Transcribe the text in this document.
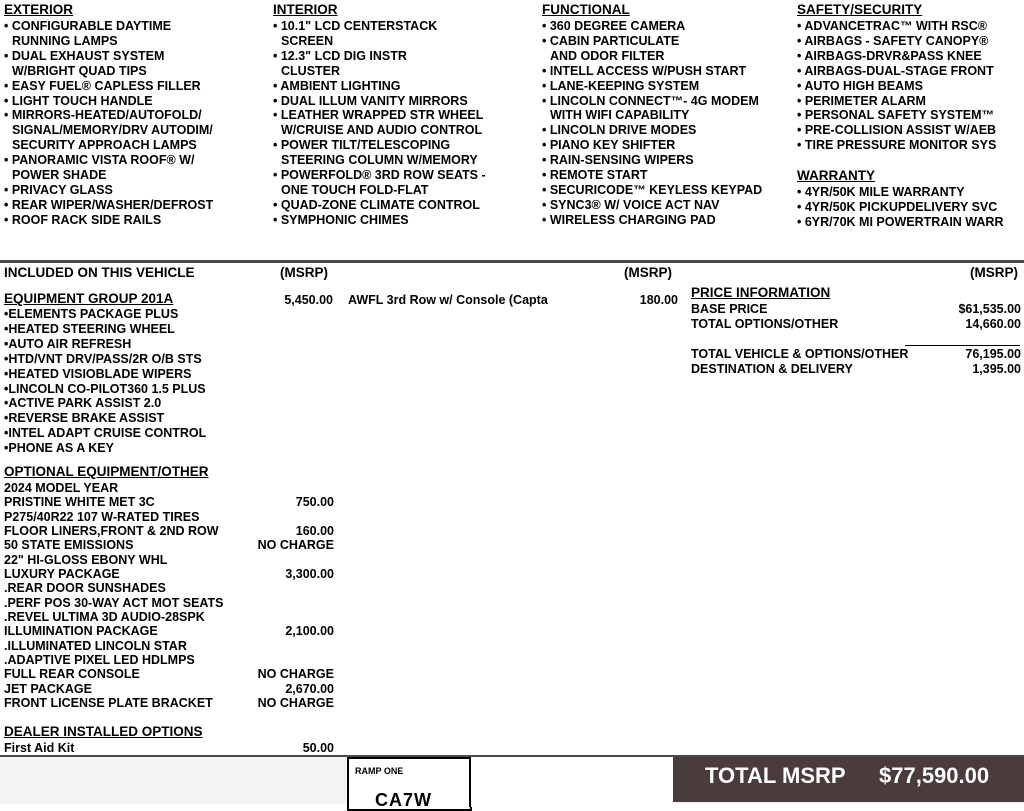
EXTERIOR
• CONFIGURABLE DAYTIME
RUNNING LAMPS
• DUAL EXHAUST SYSTEM
W/BRIGHT QUAD TIPS
• EASY FUEL® CAPLESS FILLER
• LIGHT TOUCH HANDLE
• MIRRORS-HEATED/AUTOFOLD/
SIGNAL/MEMORY/DRV AUTODIM/
SECURITY APPROACH LAMPS
• PANORAMIC VISTA ROOF® W/
POWER SHADE
• PRIVACY GLASS
• REAR WIPER/WASHER/DEFROST
• ROOF RACK SIDE RAILS
INTERIOR
• 10.1" LCD CENTERSTACK
SCREEN
• 12.3" LCD DIG INSTR
CLUSTER
• AMBIENT LIGHTING
• DUAL ILLUM VANITY MIRRORS
• LEATHER WRAPPED STR WHEEL
W/CRUISE AND AUDIO CONTROL
• POWER TILT/TELESCOPING
STEERING COLUMN W/MEMORY
• POWERFOLD® 3RD ROW SEATS -
ONE TOUCH FOLD-FLAT
• QUAD-ZONE CLIMATE CONTROL
• SYMPHONIC CHIMES
FUNCTIONAL
• 360 DEGREE CAMERA
• CABIN PARTICULATE
AND ODOR FILTER
• INTELL ACCESS W/PUSH START
• LANE-KEEPING SYSTEM
• LINCOLN CONNECT™- 4G MODEM
WITH WIFI CAPABILITY
• LINCOLN DRIVE MODES
• PIANO KEY SHIFTER
• RAIN-SENSING WIPERS
• REMOTE START
• SECURICODE™ KEYLESS KEYPAD
• SYNC3® W/ VOICE ACT NAV
• WIRELESS CHARGING PAD
SAFETY/SECURITY
• ADVANCETRAC™ WITH RSC®
• AIRBAGS - SAFETY CANOPY®
• AIRBAGS-DRVR&PASS KNEE
• AIRBAGS-DUAL-STAGE FRONT
• AUTO HIGH BEAMS
• PERIMETER ALARM
• PERSONAL SAFETY SYSTEM™
• PRE-COLLISION ASSIST W/AEB
• TIRE PRESSURE MONITOR SYS
WARRANTY
• 4YR/50K MILE WARRANTY
• 4YR/50K PICKUPDELIVERY SVC
• 6YR/70K MI POWERTRAIN WARR
INCLUDED ON THIS VEHICLE	(MSRP)	(MSRP)	(MSRP)
EQUIPMENT GROUP 201A	5,450.00
•ELEMENTS PACKAGE PLUS
•HEATED STEERING WHEEL
•AUTO AIR REFRESH
•HTD/VNT DRV/PASS/2R O/B STS
•HEATED VISIOBLADE WIPERS
•LINCOLN CO-PILOT360 1.5 PLUS
•ACTIVE PARK ASSIST 2.0
•REVERSE BRAKE ASSIST
•INTEL ADAPT CRUISE CONTROL
•PHONE AS A KEY
AWFL 3rd Row w/ Console (Capta	180.00
OPTIONAL EQUIPMENT/OTHER
2024 MODEL YEAR
PRISTINE WHITE MET 3C	750.00
P275/40R22 107 W-RATED TIRES
FLOOR LINERS,FRONT & 2ND ROW	160.00
50 STATE EMISSIONS	NO CHARGE
22" HI-GLOSS EBONY WHL
LUXURY PACKAGE	3,300.00
.REAR DOOR SUNSHADES
.PERF POS 30-WAY ACT MOT SEATS
.REVEL ULTIMA 3D AUDIO-28SPK
ILLUMINATION PACKAGE	2,100.00
.ILLUMINATED LINCOLN STAR
.ADAPTIVE PIXEL LED HDLMPS
FULL REAR CONSOLE	NO CHARGE
JET PACKAGE	2,670.00
FRONT LICENSE PLATE BRACKET	NO CHARGE
DEALER INSTALLED OPTIONS
First Aid Kit	50.00
PRICE INFORMATION
BASE PRICE	$61,535.00
TOTAL OPTIONS/OTHER	14,660.00
TOTAL VEHICLE & OPTIONS/OTHER	76,195.00
DESTINATION & DELIVERY	1,395.00
RAMP ONE
CA7W
TOTAL MSRP $77,590.00
